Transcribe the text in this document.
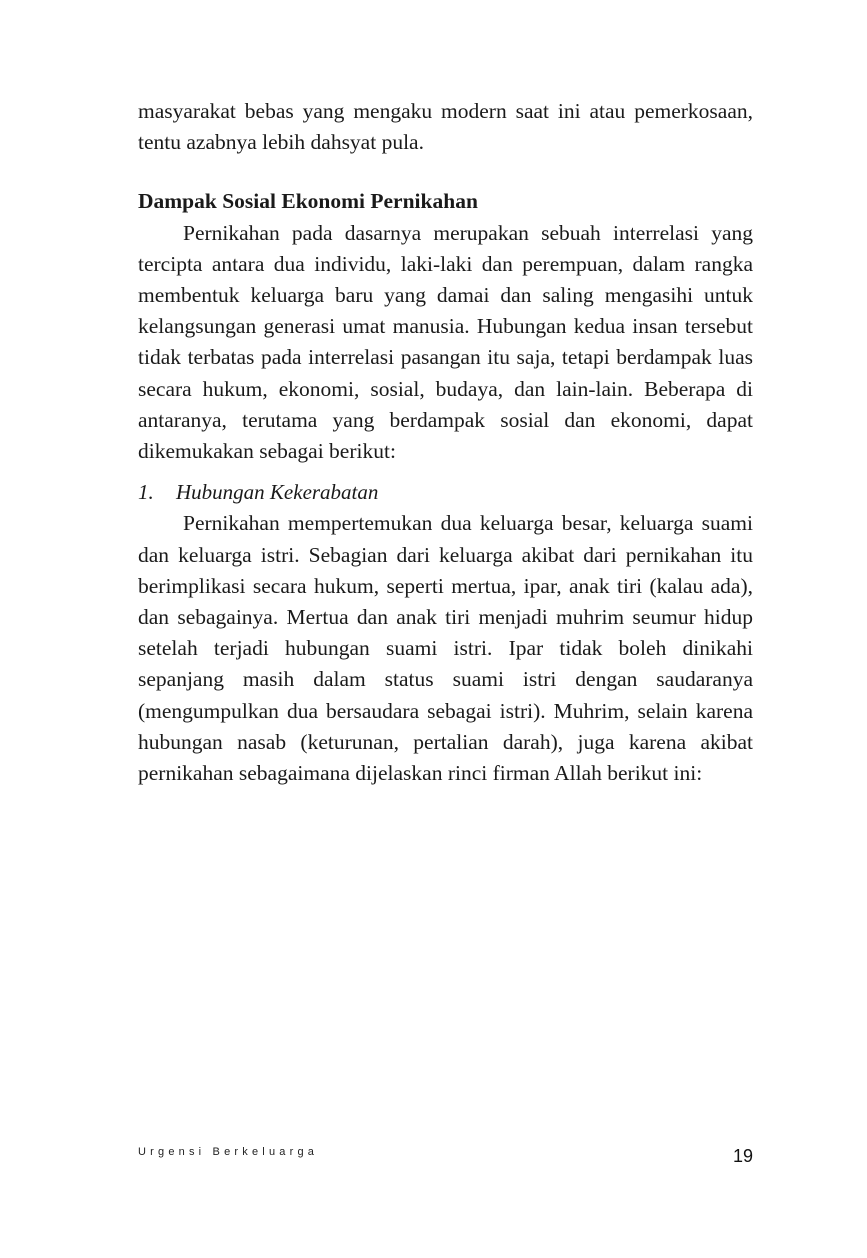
masyarakat bebas yang mengaku modern saat ini atau pemerkosaan, tentu azabnya lebih dahsyat pula.

Dampak Sosial Ekonomi Pernikahan

Pernikahan pada dasarnya merupakan sebuah interrelasi yang tercipta antara dua individu, laki-laki dan perempuan, dalam rangka membentuk keluarga baru yang damai dan saling mengasihi untuk kelangsungan generasi umat manusia. Hubungan kedua insan tersebut tidak terbatas pada interrelasi pasangan itu saja, tetapi berdampak luas secara hukum, ekonomi, sosial, budaya, dan lain-lain. Beberapa di antaranya, terutama yang berdampak sosial dan ekonomi, dapat dikemukakan sebagai berikut:

1. Hubungan Kekerabatan

Pernikahan mempertemukan dua keluarga besar, keluarga suami dan keluarga istri. Sebagian dari keluarga akibat dari pernikahan itu berimplikasi secara hukum, seperti mertua, ipar, anak tiri (kalau ada), dan sebagainya. Mertua dan anak tiri menjadi muhrim seumur hidup setelah terjadi hubungan suami istri. Ipar tidak boleh dinikahi sepanjang masih dalam status suami istri dengan saudaranya (mengumpulkan dua bersaudara sebagai istri). Muhrim, selain karena hubungan nasab (keturunan, pertalian darah), juga karena akibat pernikahan sebagaimana dijelaskan rinci firman Allah berikut ini:

Urgensi Berkeluarga	19
